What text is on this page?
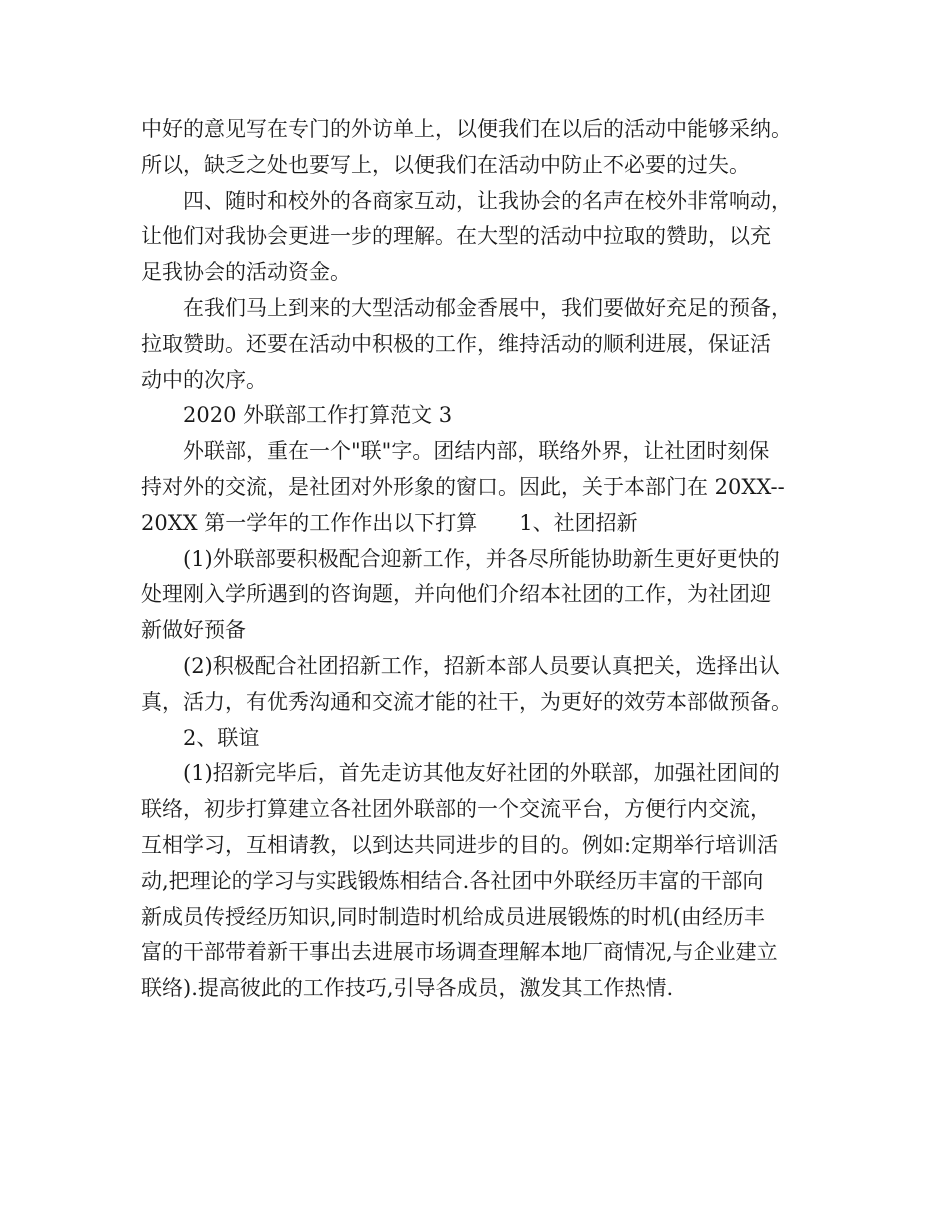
中好的意见写在专门的外访单上，以便我们在以后的活动中能够采纳。
所以，缺乏之处也要写上，以便我们在活动中防止不必要的过失。
四、随时和校外的各商家互动，让我协会的名声在校外非常响动，
让他们对我协会更进一步的理解。在大型的活动中拉取的赞助，以充
足我协会的活动资金。
在我们马上到来的大型活动郁金香展中，我们要做好充足的预备，
拉取赞助。还要在活动中积极的工作，维持活动的顺利进展，保证活
动中的次序。
2020 外联部工作打算范文 3
外联部，重在一个"联"字。团结内部，联络外界，让社团时刻保
持对外的交流，是社团对外形象的窗口。因此，关于本部门在 20XX--
20XX 第一学年的工作作出以下打算　　1、社团招新
(1)外联部要积极配合迎新工作，并各尽所能协助新生更好更快的
处理刚入学所遇到的咨询题，并向他们介绍本社团的工作，为社团迎
新做好预备
(2)积极配合社团招新工作，招新本部人员要认真把关，选择出认
真，活力，有优秀沟通和交流才能的社干，为更好的效劳本部做预备。
2、联谊
(1)招新完毕后，首先走访其他友好社团的外联部，加强社团间的
联络，初步打算建立各社团外联部的一个交流平台，方便行内交流，
互相学习，互相请教，以到达共同进步的目的。例如:定期举行培训活
动,把理论的学习与实践锻炼相结合.各社团中外联经历丰富的干部向
新成员传授经历知识,同时制造时机给成员进展锻炼的时机(由经历丰
富的干部带着新干事出去进展市场调查理解本地厂商情况,与企业建立
联络).提高彼此的工作技巧,引导各成员，激发其工作热情.
